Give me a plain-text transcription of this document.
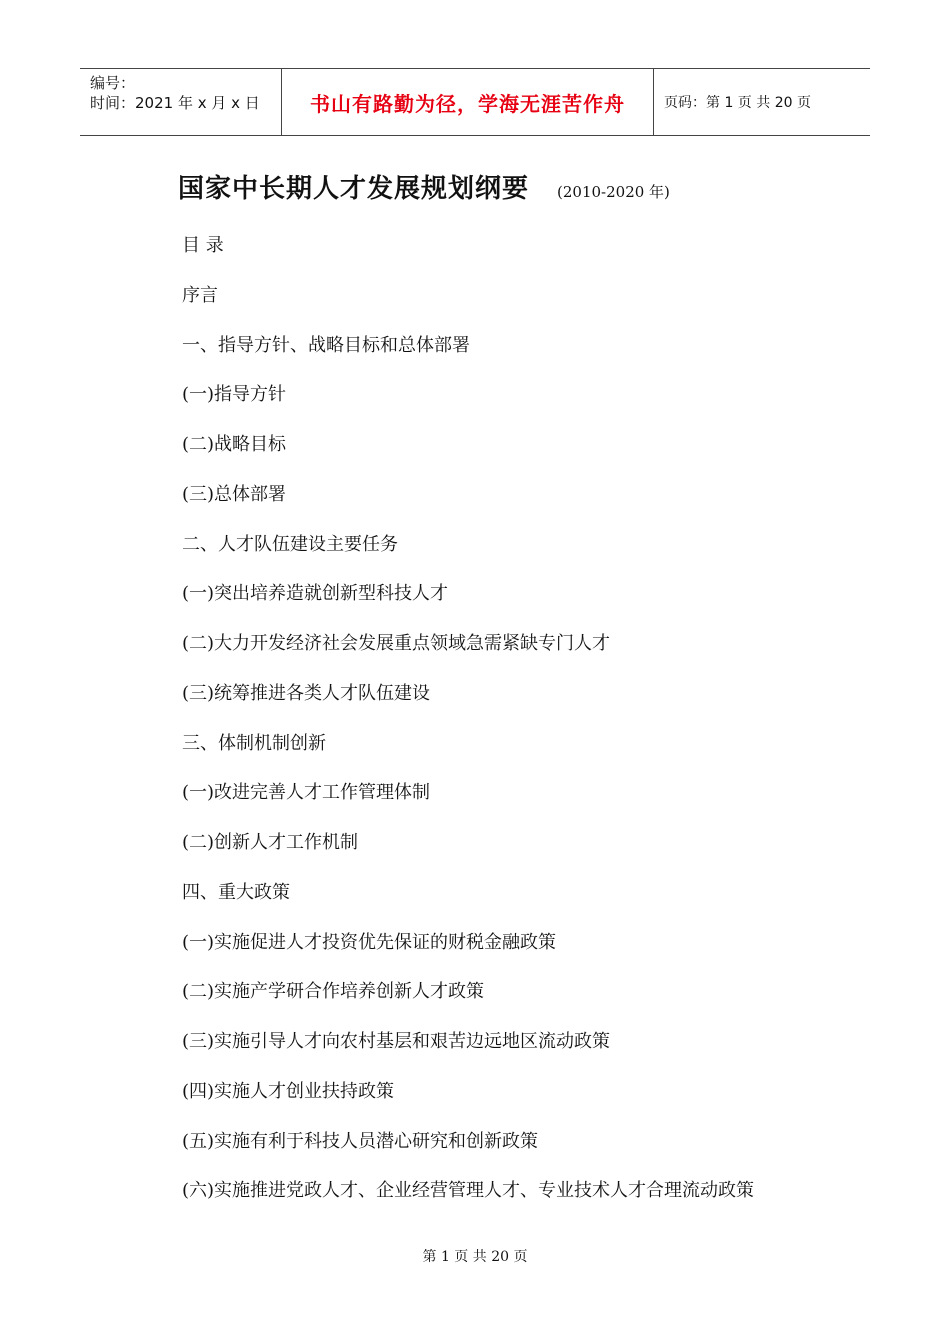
编号：
时间：2021 年 x 月 x 日	书山有路勤为径，学海无涯苦作舟	页码：第 1 页 共 20 页
国家中长期人才发展规划纲要 (2010-2020 年)
目 录
序言
一、指导方针、战略目标和总体部署
(一)指导方针
(二)战略目标
(三)总体部署
二、人才队伍建设主要任务
(一)突出培养造就创新型科技人才
(二)大力开发经济社会发展重点领域急需紧缺专门人才
(三)统筹推进各类人才队伍建设
三、体制机制创新
(一)改进完善人才工作管理体制
(二)创新人才工作机制
四、重大政策
(一)实施促进人才投资优先保证的财税金融政策
(二)实施产学研合作培养创新人才政策
(三)实施引导人才向农村基层和艰苦边远地区流动政策
(四)实施人才创业扶持政策
(五)实施有利于科技人员潜心研究和创新政策
(六)实施推进党政人才、企业经营管理人才、专业技术人才合理流动政策
第 1 页 共 20 页
